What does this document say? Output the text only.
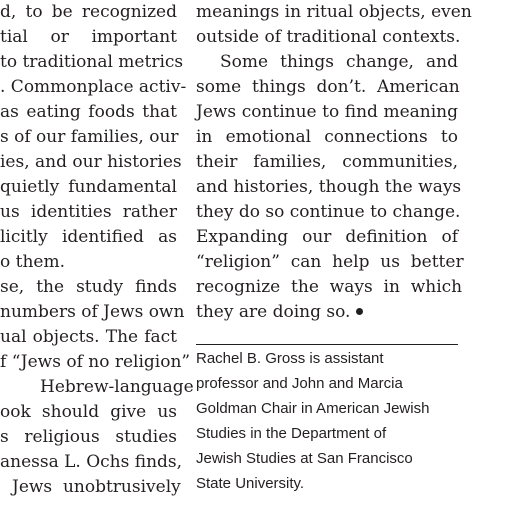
d, to be recognized
tial  or  important
to traditional metrics
. Commonplace activ-
as eating foods that
s of our families, our
ies, and our histories
quietly fundamental
us  identities  rather
licitly  identified  as
o them.
se,  the  study  finds
numbers of Jews own
ual objects. The fact
f “Jews of no religion”
Hebrew-language
ook  should  give  us
s  religious  studies
anessa L. Ochs finds,
Jews  unobtrusively
meanings in ritual objects, even
outside of traditional contexts.
Some  things  change,  and
some  things  don’t.  American
Jews continue to find meaning
in  emotional  connections  to
their  families,  communities,
and histories, though the ways
they do so continue to change.
Expanding  our  definition  of
“religion”  can  help  us  better
recognize  the  ways  in  which
they are doing so.
Rachel B. Gross is assistant
professor and John and Marcia
Goldman Chair in American Jewish
Studies in the Department of
Jewish Studies at San Francisco
State University.
